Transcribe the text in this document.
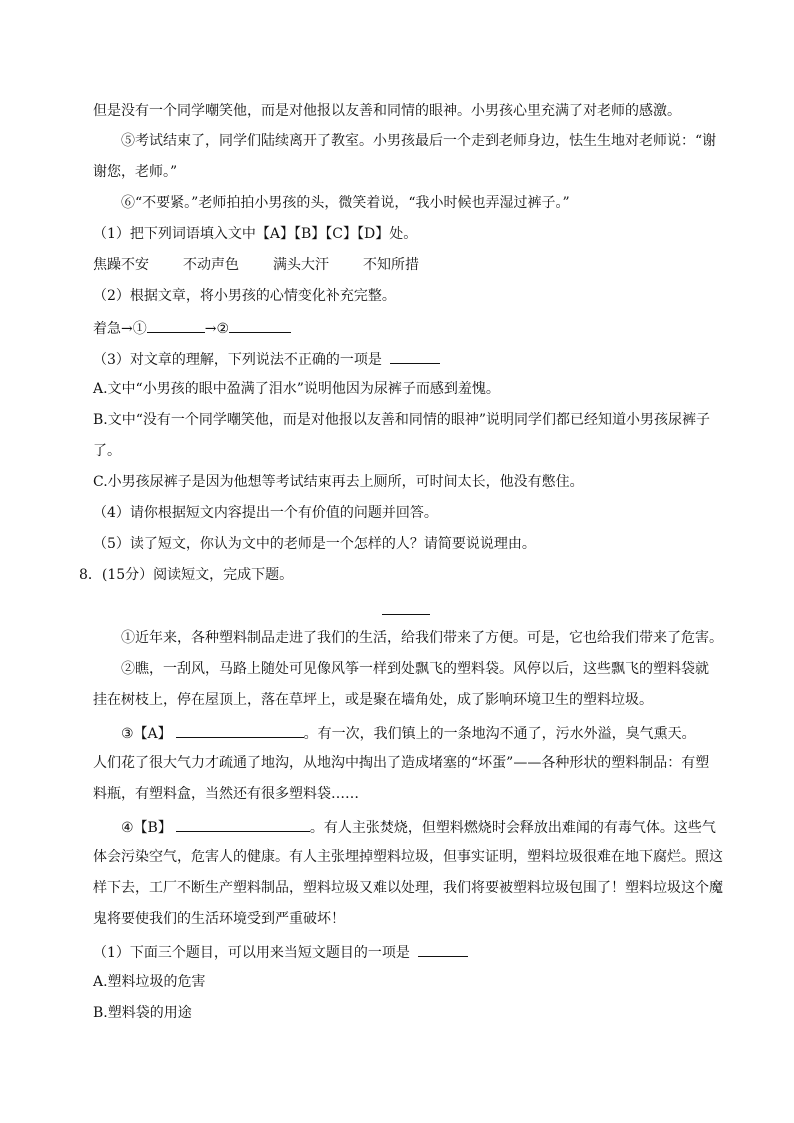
但是没有一个同学嘲笑他，而是对他报以友善和同情的眼神。小男孩心里充满了对老师的感激。
⑤考试结束了，同学们陆续离开了教室。小男孩最后一个走到老师身边，怯生生地对老师说：“谢
谢您，老师。”
⑥“不要紧。”老师拍拍小男孩的头，微笑着说，“我小时候也弄湿过裤子。”
（1）把下列词语填入文中【A】【B】【C】【D】处。
焦躁不安 不动声色 满头大汗 不知所措
（2）根据文章，将小男孩的心情变化补充完整。
着急→①	→②
（3）对文章的理解，下列说法不正确的一项是
A.文中“小男孩的眼中盈满了泪水”说明他因为尿裤子而感到羞愧。
B.文中“没有一个同学嘲笑他，而是对他报以友善和同情的眼神”说明同学们都已经知道小男孩尿裤子
了。
C.小男孩尿裤子是因为他想等考试结束再去上厕所，可时间太长，他没有憋住。
（4）请你根据短文内容提出一个有价值的问题并回答。
（5）读了短文，你认为文中的老师是一个怎样的人？请简要说说理由。
8．(15分）阅读短文，完成下题。
①近年来，各种塑料制品走进了我们的生活，给我们带来了方便。可是，它也给我们带来了危害。
②瞧，一刮风，马路上随处可见像风筝一样到处飘飞的塑料袋。风停以后，这些飘飞的塑料袋就
挂在树枝上，停在屋顶上，落在草坪上，或是聚在墙角处，成了影响环境卫生的塑料垃圾。
③【A】	。有一次，我们镇上的一条地沟不通了，污水外溢，臭气熏天。
人们花了很大气力才疏通了地沟，从地沟中掏出了造成堵塞的“坏蛋”——各种形状的塑料制品：有塑
料瓶，有塑料盒，当然还有很多塑料袋……
④【B】	。有人主张焚烧，但塑料燃烧时会释放出难闻的有毒气体。这些气
体会污染空气，危害人的健康。有人主张埋掉塑料垃圾，但事实证明，塑料垃圾很难在地下腐烂。照这
样下去，工厂不断生产塑料制品，塑料垃圾又难以处理，我们将要被塑料垃圾包围了！塑料垃圾这个魔
鬼将要使我们的生活环境受到严重破坏！
（1）下面三个题目，可以用来当短文题目的一项是
A.塑料垃圾的危害
B.塑料袋的用途
